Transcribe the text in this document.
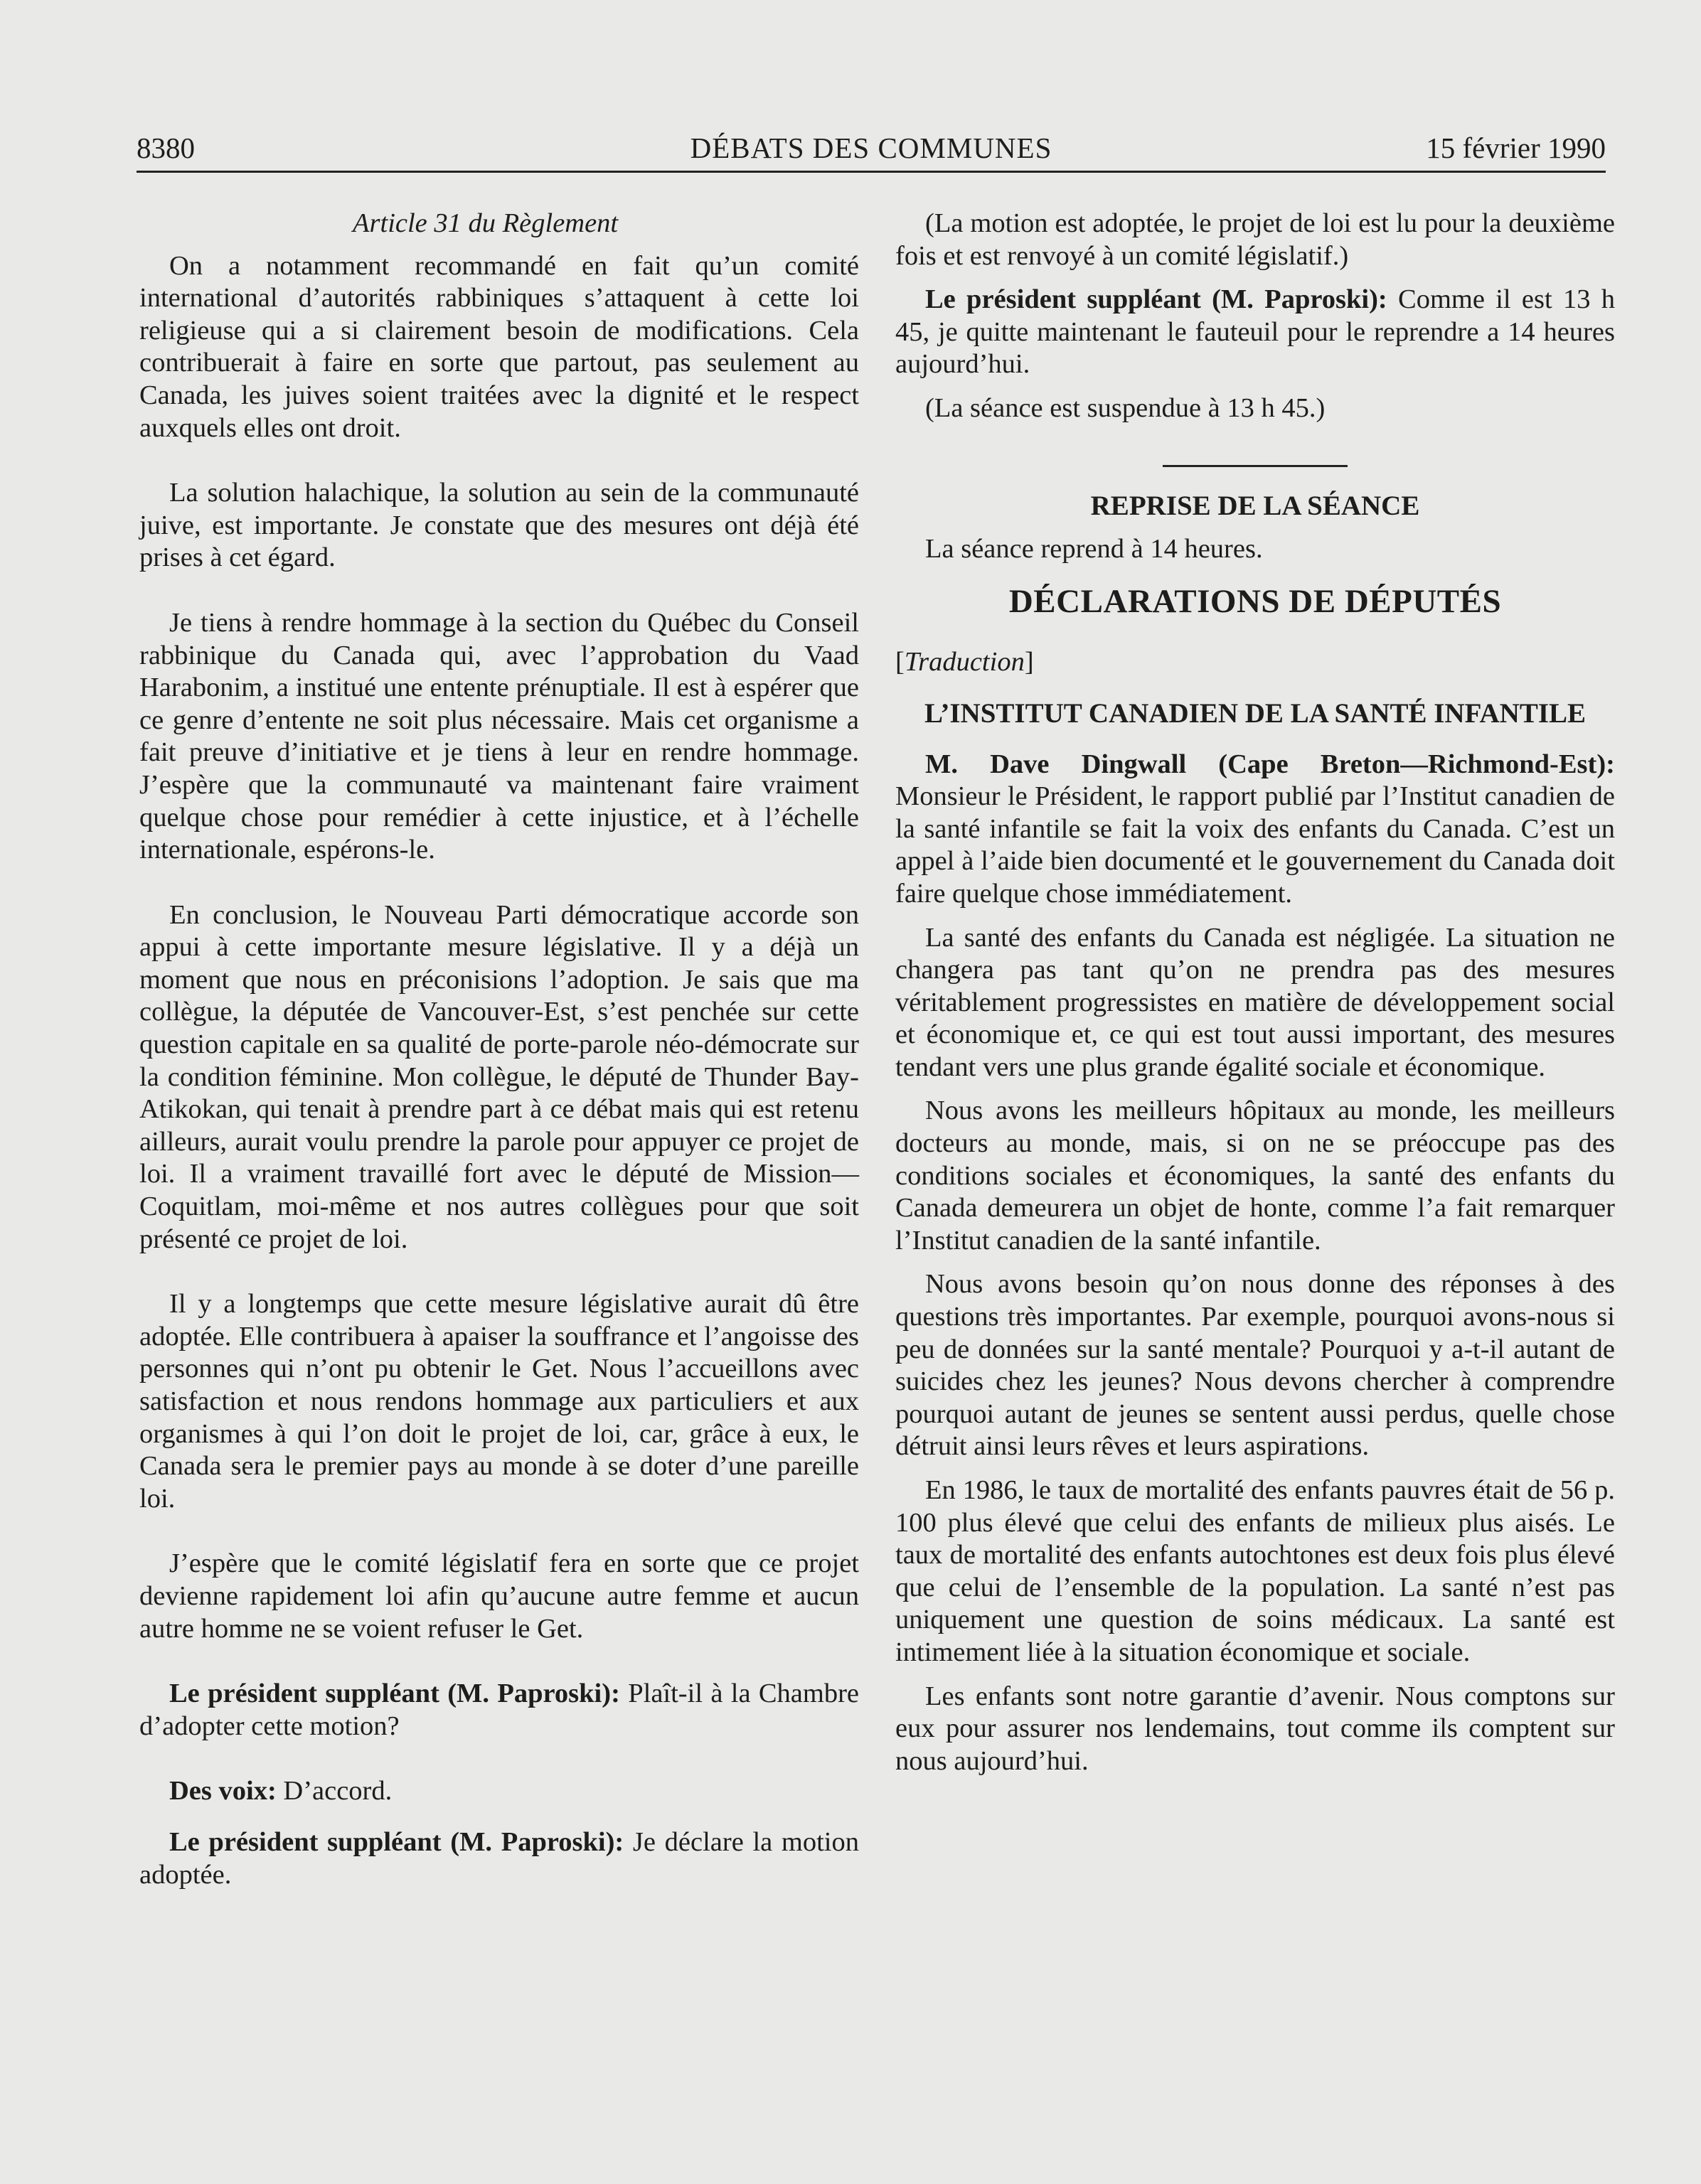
8380	DÉBATS DES COMMUNES	15 février 1990

Article 31 du Règlement

On a notamment recommandé en fait qu’un comité international d’autorités rabbiniques s’attaquent à cette loi religieuse qui a si clairement besoin de modifications. Cela contribuerait à faire en sorte que partout, pas seulement au Canada, les juives soient traitées avec la dignité et le respect auxquels elles ont droit.

La solution halachique, la solution au sein de la communauté juive, est importante. Je constate que des mesures ont déjà été prises à cet égard.

Je tiens à rendre hommage à la section du Québec du Conseil rabbinique du Canada qui, avec l’approbation du Vaad Harabonim, a institué une entente prénuptiale. Il est à espérer que ce genre d’entente ne soit plus nécessaire. Mais cet organisme a fait preuve d’initiative et je tiens à leur en rendre hommage. J’espère que la communauté va maintenant faire vraiment quelque chose pour remédier à cette injustice, et à l’échelle internationale, espérons-le.

En conclusion, le Nouveau Parti démocratique accorde son appui à cette importante mesure législative. Il y a déjà un moment que nous en préconisions l’adoption. Je sais que ma collègue, la députée de Vancouver-Est, s’est penchée sur cette question capitale en sa qualité de porte-parole néo-démocrate sur la condition féminine. Mon collègue, le député de Thunder Bay-Atikokan, qui tenait à prendre part à ce débat mais qui est retenu ailleurs, aurait voulu prendre la parole pour appuyer ce projet de loi. Il a vraiment travaillé fort avec le député de Mission—Coquitlam, moi-même et nos autres collègues pour que soit présenté ce projet de loi.

Il y a longtemps que cette mesure législative aurait dû être adoptée. Elle contribuera à apaiser la souffrance et l’angoisse des personnes qui n’ont pu obtenir le Get. Nous l’accueillons avec satisfaction et nous rendons hommage aux particuliers et aux organismes à qui l’on doit le projet de loi, car, grâce à eux, le Canada sera le premier pays au monde à se doter d’une pareille loi.

J’espère que le comité législatif fera en sorte que ce projet devienne rapidement loi afin qu’aucune autre femme et aucun autre homme ne se voient refuser le Get.

Le président suppléant (M. Paproski): Plaît-il à la Chambre d’adopter cette motion?

Des voix: D’accord.

Le président suppléant (M. Paproski): Je déclare la motion adoptée.

(La motion est adoptée, le projet de loi est lu pour la deuxième fois et est renvoyé à un comité législatif.)

Le président suppléant (M. Paproski): Comme il est 13 h 45, je quitte maintenant le fauteuil pour le reprendre a 14 heures aujourd’hui.

(La séance est suspendue à 13 h 45.)

REPRISE DE LA SÉANCE

La séance reprend à 14 heures.

DÉCLARATIONS DE DÉPUTÉS

[Traduction]

L’INSTITUT CANADIEN DE LA SANTÉ INFANTILE

M. Dave Dingwall (Cape Breton—Richmond-Est): Monsieur le Président, le rapport publié par l’Institut canadien de la santé infantile se fait la voix des enfants du Canada. C’est un appel à l’aide bien documenté et le gouvernement du Canada doit faire quelque chose immédiatement.

La santé des enfants du Canada est négligée. La situation ne changera pas tant qu’on ne prendra pas des mesures véritablement progressistes en matière de développement social et économique et, ce qui est tout aussi important, des mesures tendant vers une plus grande égalité sociale et économique.

Nous avons les meilleurs hôpitaux au monde, les meilleurs docteurs au monde, mais, si on ne se préoccupe pas des conditions sociales et économiques, la santé des enfants du Canada demeurera un objet de honte, comme l’a fait remarquer l’Institut canadien de la santé infantile.

Nous avons besoin qu’on nous donne des réponses à des questions très importantes. Par exemple, pourquoi avons-nous si peu de données sur la santé mentale? Pourquoi y a-t-il autant de suicides chez les jeunes? Nous devons chercher à comprendre pourquoi autant de jeunes se sentent aussi perdus, quelle chose détruit ainsi leurs rêves et leurs aspirations.

En 1986, le taux de mortalité des enfants pauvres était de 56 p. 100 plus élevé que celui des enfants de milieux plus aisés. Le taux de mortalité des enfants autochtones est deux fois plus élevé que celui de l’ensemble de la population. La santé n’est pas uniquement une question de soins médicaux. La santé est intimement liée à la situation économique et sociale.

Les enfants sont notre garantie d’avenir. Nous comptons sur eux pour assurer nos lendemains, tout comme ils comptent sur nous aujourd’hui.
